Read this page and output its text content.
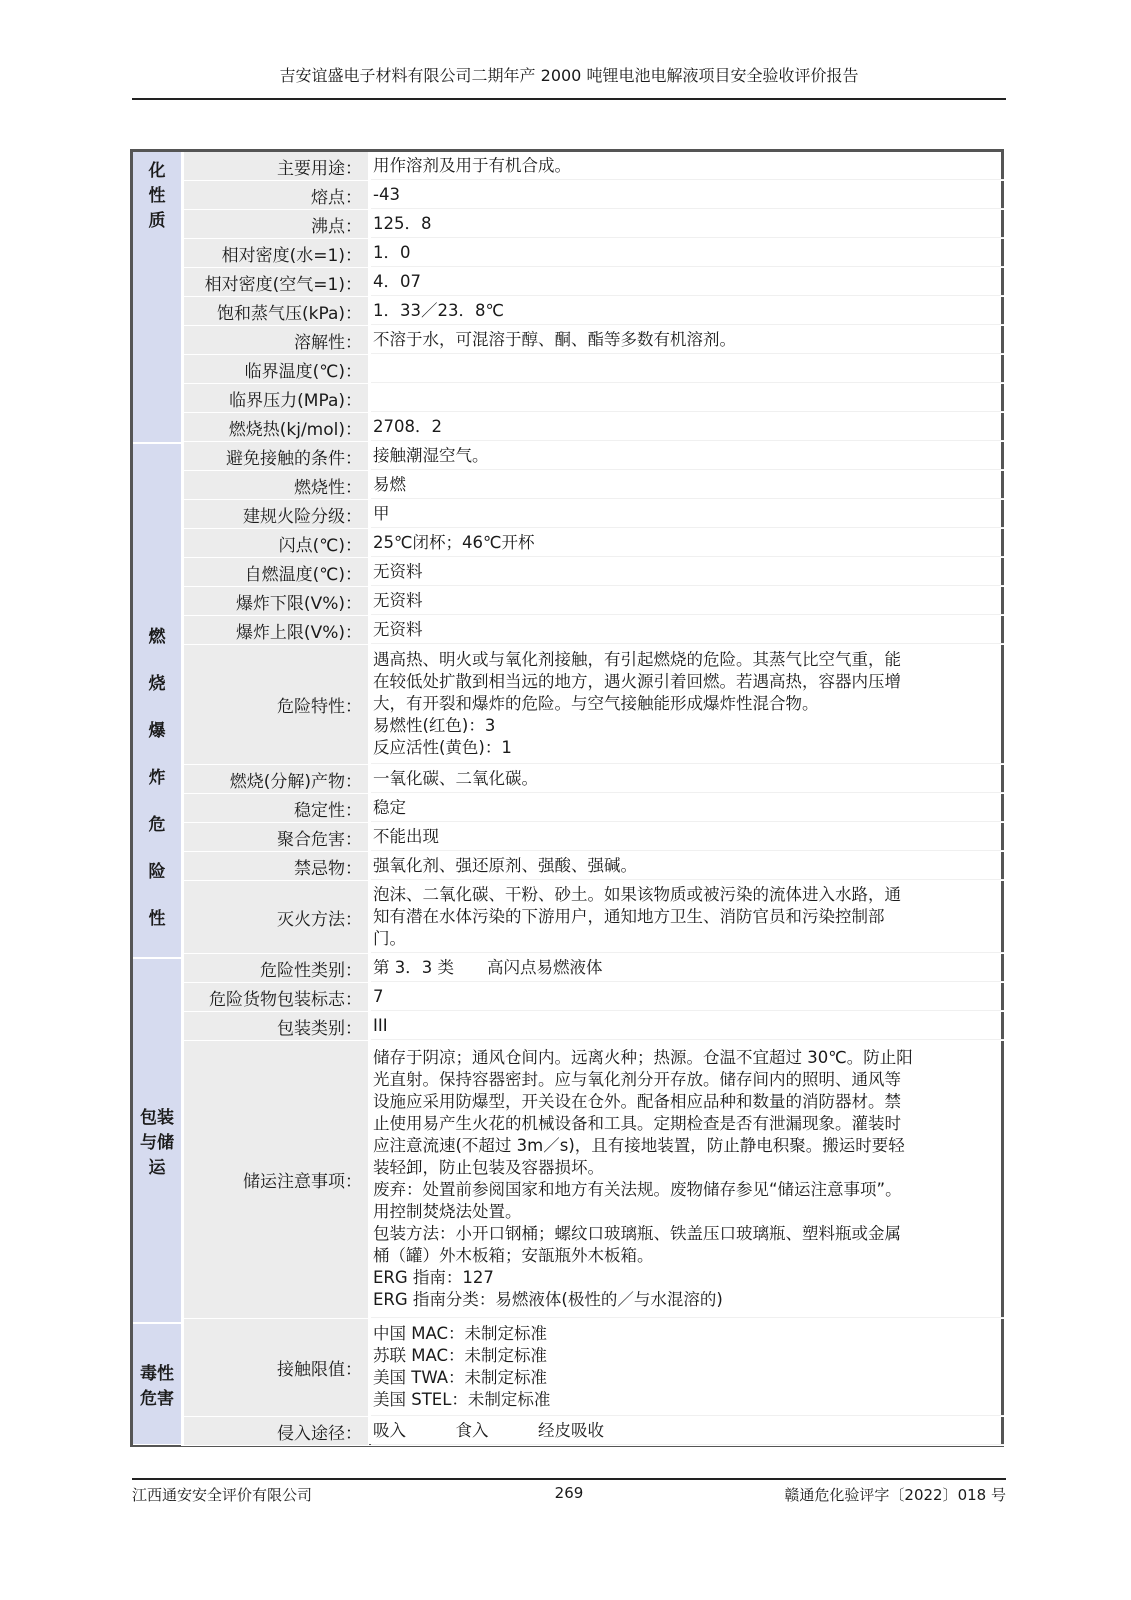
吉安谊盛电子材料有限公司二期年产 2000 吨锂电池电解液项目安全验收评价报告
化
性
质
燃
烧
爆
炸
危
险
性
包装
与储
运
毒性
危害
主要用途： 用作溶剂及用于有机合成。
熔点： -43
沸点： 125．8
相对密度(水=1)： 1．0
相对密度(空气=1)： 4．07
饱和蒸气压(kPa)： 1．33／23．8℃
溶解性： 不溶于水，可混溶于醇、酮、酯等多数有机溶剂。
临界温度(℃)：
临界压力(MPa)：
燃烧热(kj/mol)： 2708．2
避免接触的条件： 接触潮湿空气。
燃烧性： 易燃
建规火险分级： 甲
闪点(℃)： 25℃闭杯；46℃开杯
自燃温度(℃)： 无资料
爆炸下限(V%)： 无资料
爆炸上限(V%)： 无资料
危险特性：
遇高热、明火或与氧化剂接触，有引起燃烧的危险。其蒸气比空气重，能
在较低处扩散到相当远的地方，遇火源引着回燃。若遇高热，容器内压增
大，有开裂和爆炸的危险。与空气接触能形成爆炸性混合物。
易燃性(红色)：3
反应活性(黄色)：1
燃烧(分解)产物： 一氧化碳、二氧化碳。
稳定性： 稳定
聚合危害： 不能出现
禁忌物： 强氧化剂、强还原剂、强酸、强碱。
灭火方法：
泡沫、二氧化碳、干粉、砂土。如果该物质或被污染的流体进入水路，通
知有潜在水体污染的下游用户，通知地方卫生、消防官员和污染控制部
门。
危险性类别： 第 3．3 类　　高闪点易燃液体
危险货物包装标志： 7
包装类别： III
储运注意事项：
储存于阴凉；通风仓间内。远离火种；热源。仓温不宜超过 30℃。防止阳
光直射。保持容器密封。应与氧化剂分开存放。储存间内的照明、通风等
设施应采用防爆型，开关设在仓外。配备相应品种和数量的消防器材。禁
止使用易产生火花的机械设备和工具。定期检查是否有泄漏现象。灌装时
应注意流速(不超过 3m／s)，且有接地装置，防止静电积聚。搬运时要轻
装轻卸，防止包装及容器损坏。
废弃：处置前参阅国家和地方有关法规。废物储存参见“储运注意事项”。
用控制焚烧法处置。
包装方法：小开口钢桶；螺纹口玻璃瓶、铁盖压口玻璃瓶、塑料瓶或金属
桶（罐）外木板箱；安瓿瓶外木板箱。
ERG 指南：127
ERG 指南分类：易燃液体(极性的／与水混溶的)
接触限值：
中国 MAC：未制定标准
苏联 MAC：未制定标准
美国 TWA：未制定标准
美国 STEL：未制定标准
侵入途径： 吸入　　　食入　　　经皮吸收
江西通安安全评价有限公司	269	赣通危化验评字〔2022〕018 号
